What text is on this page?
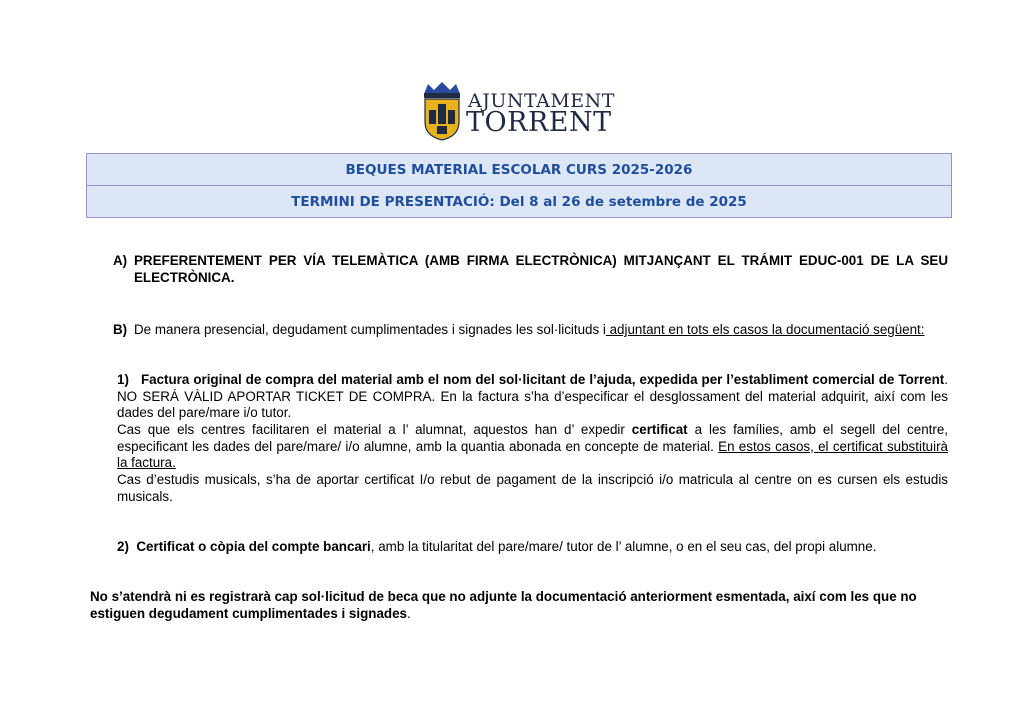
AJUNTAMENT
TORRENT
BEQUES MATERIAL ESCOLAR CURS 2025-2026
TERMINI DE PRESENTACIÓ: Del 8 al 26 de setembre de 2025
A) PREFERENTEMENT PER VÍA TELEMÀTICA (AMB FIRMA ELECTRÒNICA) MITJANÇANT EL TRÁMIT EDUC-001 DE LA SEU ELECTRÒNICA.
B) De manera presencial, degudament cumplimentades i signades les sol·licituds i adjuntant en tots els casos la documentació següent:
1) Factura original de compra del material amb el nom del sol·licitant de l’ajuda, expedida per l’establiment comercial de Torrent. NO SERÁ VÀLID APORTAR TICKET DE COMPRA. En la factura s’ha d’especificar el desglossament del material adquirit, així com les dades del pare/mare i/o tutor.
Cas que els centres facilitaren el material a l’ alumnat, aquestos han d’ expedir certificat a les famílies, amb el segell del centre, especificant les dades del pare/mare/ i/o alumne, amb la quantia abonada en concepte de material. En estos casos, el certificat substituirà la factura.
Cas d’estudis musicals, s’ha de aportar certificat I/o rebut de pagament de la inscripció i/o matricula al centre on es cursen els estudis musicals.
2) Certificat o còpia del compte bancari, amb la titularitat del pare/mare/ tutor de l’ alumne, o en el seu cas, del propi alumne.
No s’atendrà ni es registrarà cap sol·licitud de beca que no adjunte la documentació anteriorment esmentada, així com les que no estiguen degudament cumplimentades i signades.
